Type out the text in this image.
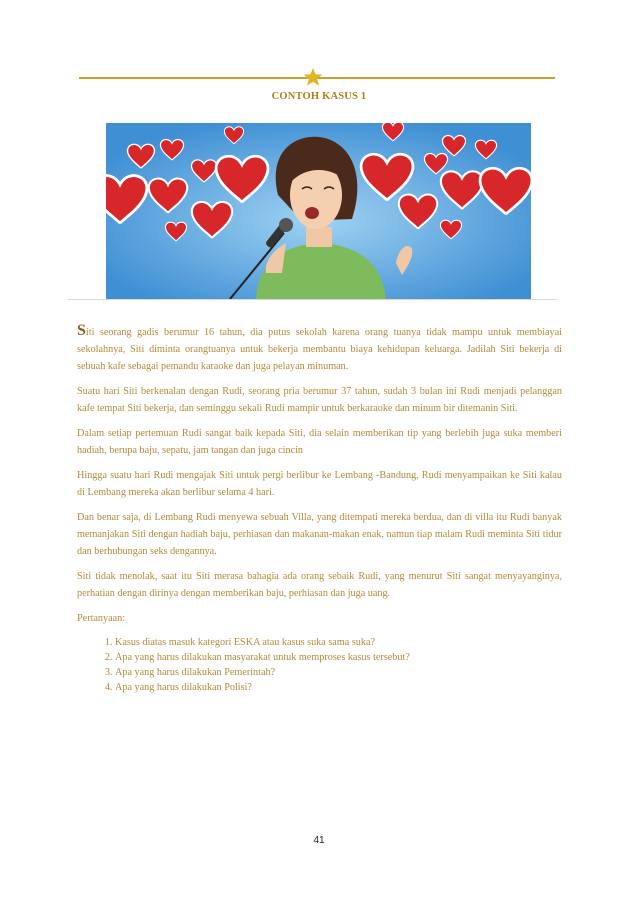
CONTOH KASUS 1

Siti seorang gadis berumur 16 tahun, dia putus sekolah karena orang tuanya tidak mampu untuk membiayai sekolahnya, Siti diminta orangtuanya untuk bekerja membantu biaya kehidupan keluarga. Jadilah Siti bekerja di sebuah kafe sebagai pemandu karaoke dan juga pelayan minuman.

Suatu hari Siti berkenalan dengan Rudi, seorang pria berumur 37 tahun, sudah 3 bulan ini Rudi menjadi pelanggan kafe tempat Siti bekerja, dan seminggu sekali Rudi mampir untuk berkaraoke dan minum bir ditemanin Siti.

Dalam setiap pertemuan Rudi sangat baik kepada Siti, dia selain memberikan tip yang berlebih juga suka memberi hadiah, berupa baju, sepatu, jam tangan dan juga cincin

Hingga suatu hari Rudi mengajak Siti untuk pergi berlibur ke Lembang -Bandung, Rudi menyampaikan ke Siti kalau di Lembang mereka akan berlibur selama 4 hari.

Dan benar saja, di Lembang Rudi menyewa sebuah Villa, yang ditempati mereka berdua, dan di villa itu Rudi banyak memanjakan Siti dengan hadiah baju, perhiasan dan makanan-makan enak, namun tiap malam Rudi meminta Siti tidur dan berhubungan seks dengannya.

Siti tidak menolak, saat itu Siti merasa bahagia ada orang sebaik Rudi, yang menurut Siti sangat menyayanginya, perhatian dengan dirinya dengan memberikan baju, perhiasan dan juga uang.

Pertanyaan:

1. Kasus diatas masuk kategori ESKA atau kasus suka sama suka?
2. Apa yang harus dilakukan masyarakat untuk memproses kasus tersebut?
3. Apa yang harus dilakukan Pemerintah?
4. Apa yang harus dilakukan Polisi?
41
